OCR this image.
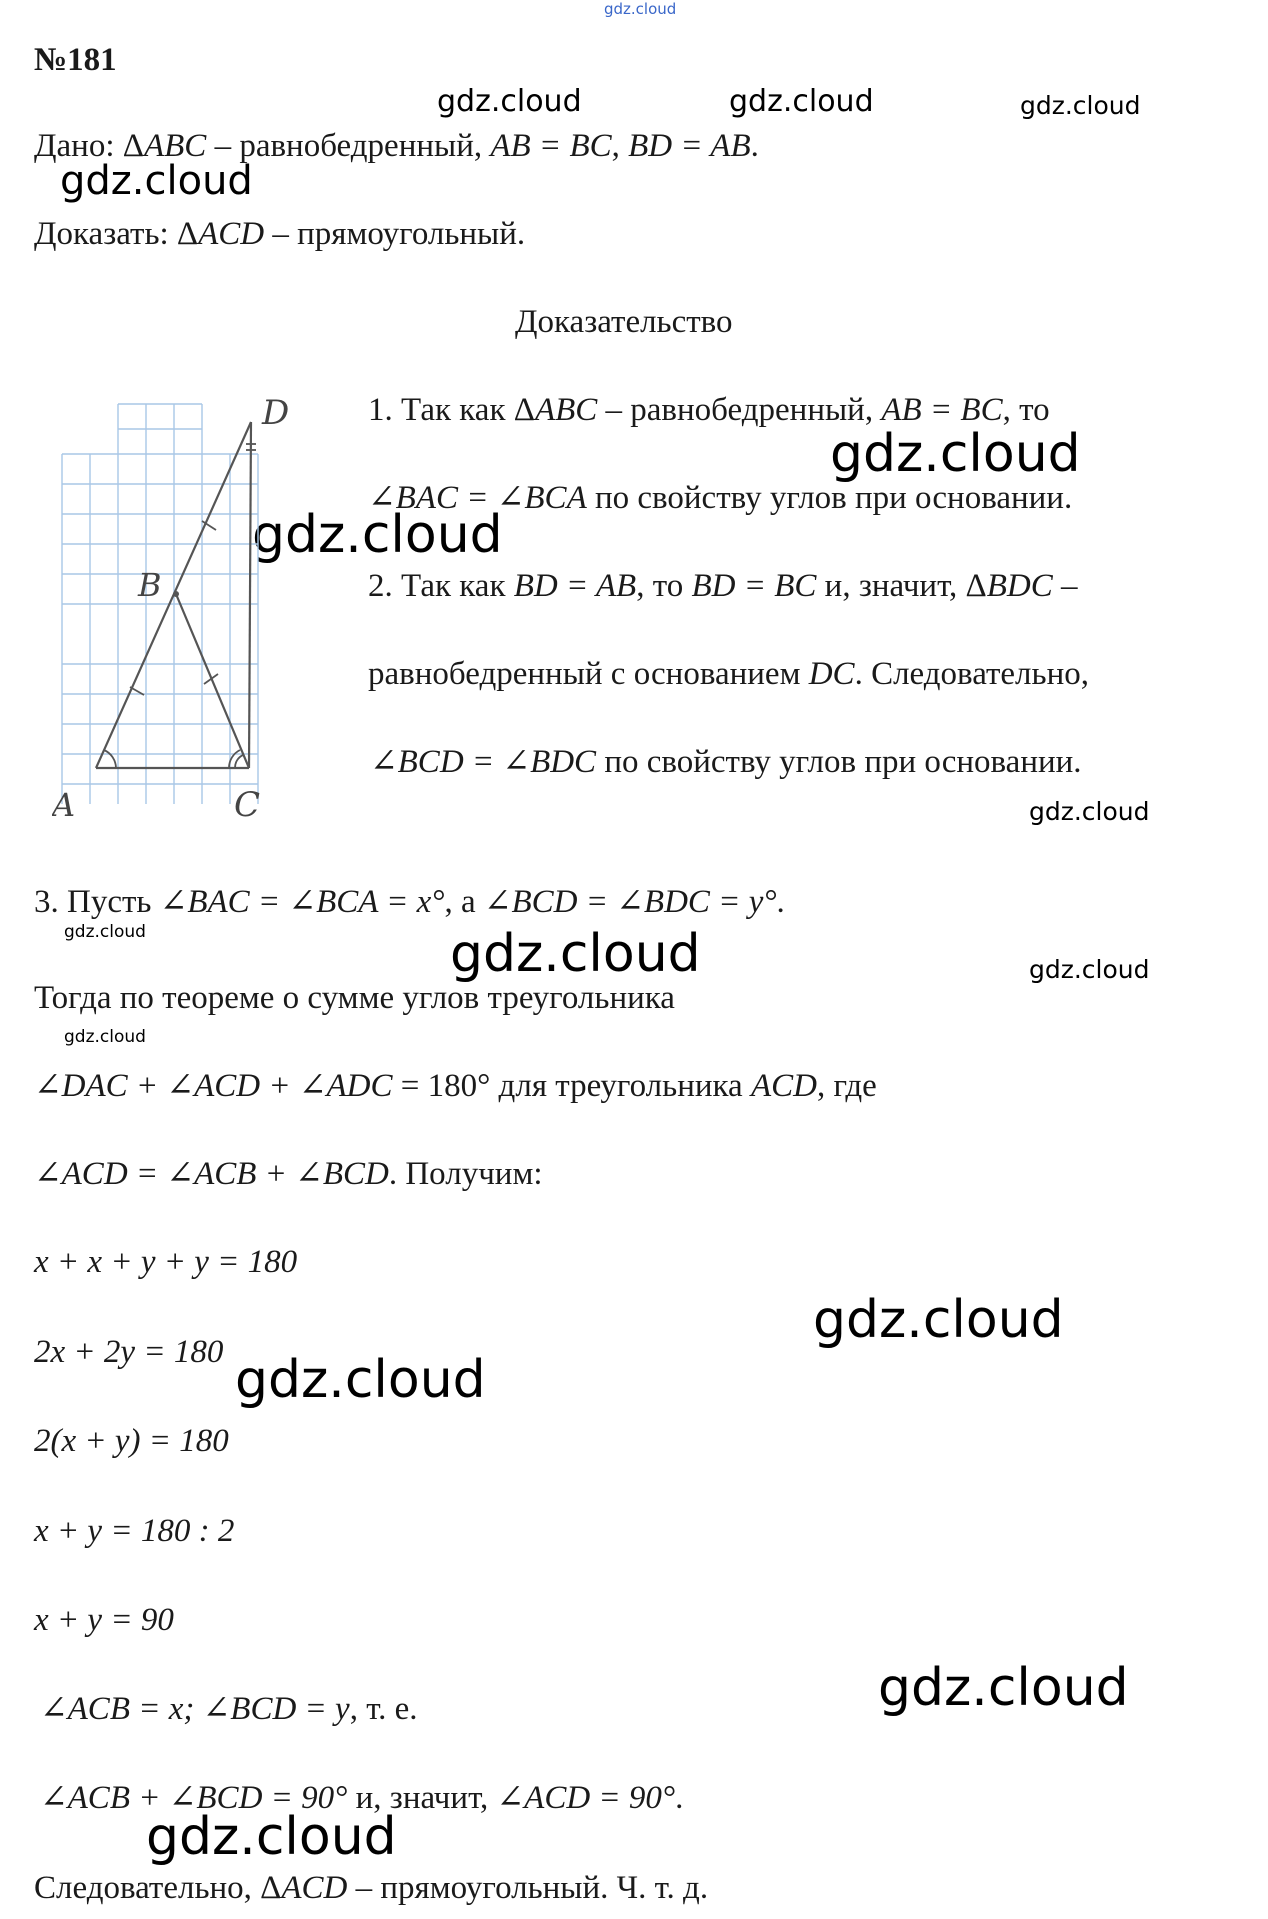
gdz.cloud
gdz.cloud	gdz.cloud	gdz.cloud
gdz.cloud
gdz.cloud
gdz.cloud
gdz.cloud
gdz.cloud	gdz.cloud	gdz.cloud
gdz.cloud
gdz.cloud
gdz.cloud
gdz.cloud
gdz.cloud
№181
Дано: ΔABC – равнобедренный, AB = BC, BD = AB.
Доказать: ΔACD – прямоугольный.
Доказательство
D
B
A	C
1. Так как ΔABC – равнобедренный, AB = BC, то
∠BAC = ∠BCA по свойству углов при основании.
2. Так как BD = AB, то BD = BC и, значит, ΔBDC –
равнобедренный с основанием DC. Следовательно,
∠BCD = ∠BDC по свойству углов при основании.
3. Пусть ∠BAC = ∠BCA = x°, а ∠BCD = ∠BDC = y°.
Тогда по теореме о сумме углов треугольника
∠DAC + ∠ACD + ∠ADC = 180° для треугольника ACD, где
∠ACD = ∠ACB + ∠BCD. Получим:
x + x + y + y = 180
2x + 2y = 180
2(x + y) = 180
x + y = 180 : 2
x + y = 90
∠ACB = x; ∠BCD = y, т. е.
∠ACB + ∠BCD = 90° и, значит, ∠ACD = 90°.
Следовательно, ΔACD – прямоугольный. Ч. т. д.
